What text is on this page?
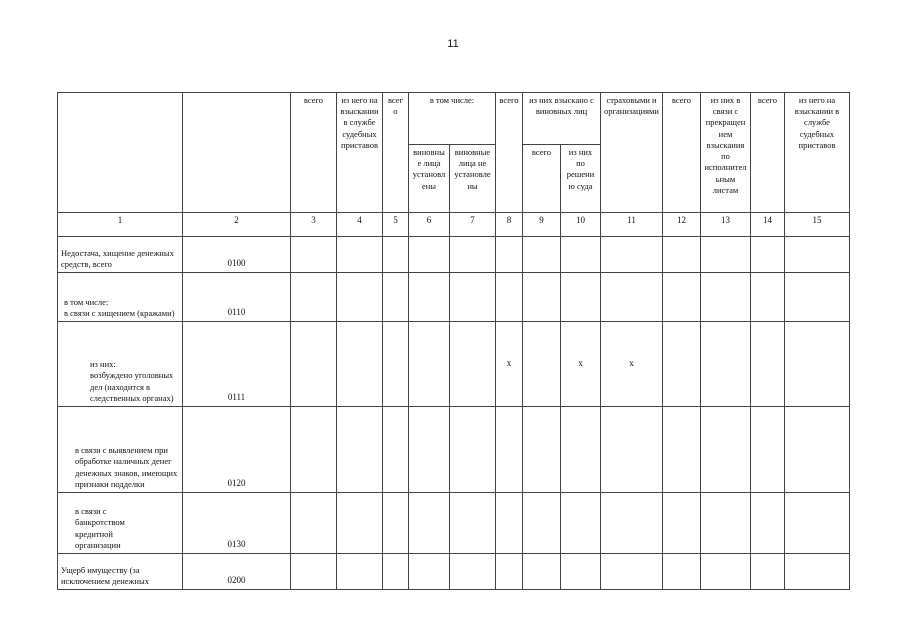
11
		всего	из него на взыскании в службе судебных приставов	всего	в том числе:		всего	из них взыскано с виновных лиц		страховыми и организациями	всего	из них в связи с прекращением взыскания по исполнительным листам	всего	из него на взыскании в службе судебных приставов
					виновные лица установлены	виновные лица не установлены		всего	из них по решению суда					
1	2	3	4	5	6	7	8	9	10	11	12	13	14	15
Недостача, хищение денежных средств, всего	0100													

в том числе:
в связи с хищением (кражами)	0110													

из них:
возбуждено уголовных дел (находится в следственных органах)	0111						x		x	x				
в связи с выявлением при обработке наличных денег денежных знаков, имеющих признаки подделки	0120													
в связи с банкротством кредитной организации	0130													
Ущерб имуществу (за исключением денежных	0200													
